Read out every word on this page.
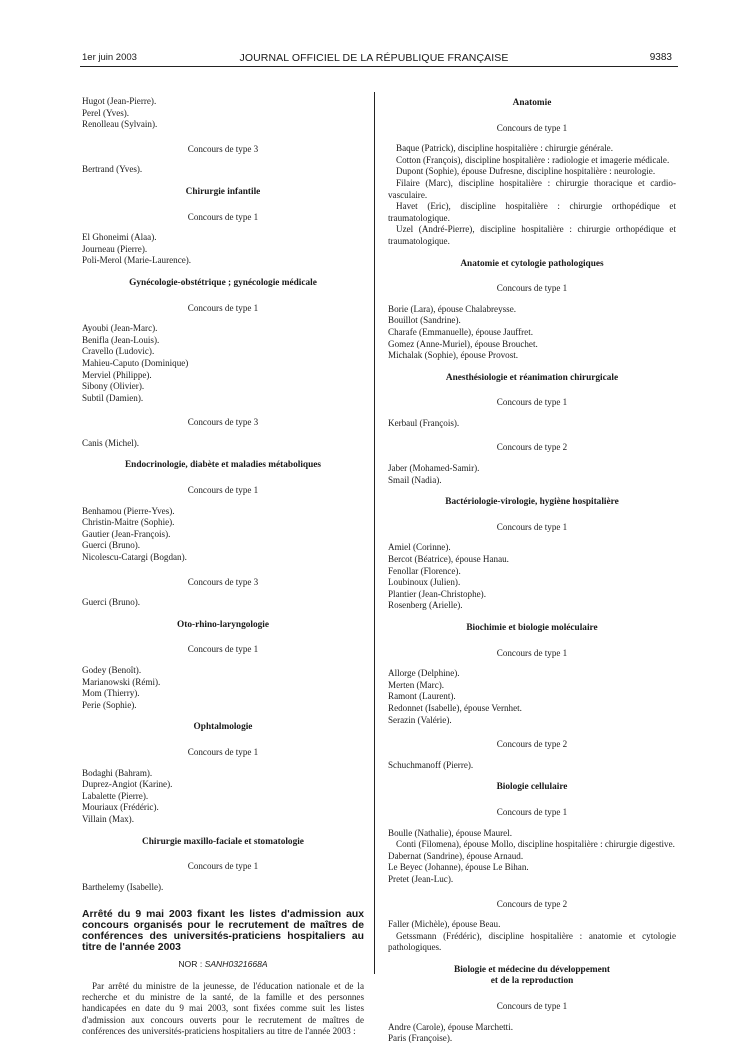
1er juin 2003	JOURNAL OFFICIEL DE LA RÉPUBLIQUE FRANÇAISE	9383
Hugot (Jean-Pierre).
Perel (Yves).
Renolleau (Sylvain).
Concours de type 3
Bertrand (Yves).
Chirurgie infantile
Concours de type 1
El Ghoneimi (Alaa).
Journeau (Pierre).
Poli-Merol (Marie-Laurence).
Gynécologie-obstétrique ; gynécologie médicale
Concours de type 1
Ayoubi (Jean-Marc).
Benifla (Jean-Louis).
Cravello (Ludovic).
Mahieu-Caputo (Dominique)
Merviel (Philippe).
Sibony (Olivier).
Subtil (Damien).
Concours de type 3
Canis (Michel).
Endocrinologie, diabète et maladies métaboliques
Concours de type 1
Benhamou (Pierre-Yves).
Christin-Maitre (Sophie).
Gautier (Jean-François).
Guerci (Bruno).
Nicolescu-Catargi (Bogdan).
Concours de type 3
Guerci (Bruno).
Oto-rhino-laryngologie
Concours de type 1
Godey (Benoît).
Marianowski (Rémi).
Mom (Thierry).
Perie (Sophie).
Ophtalmologie
Concours de type 1
Bodaghi (Bahram).
Duprez-Angiot (Karine).
Labalette (Pierre).
Mouriaux (Frédéric).
Villain (Max).
Chirurgie maxillo-faciale et stomatologie
Concours de type 1
Barthelemy (Isabelle).
Arrêté du 9 mai 2003 fixant les listes d'admission aux concours organisés pour le recrutement de maîtres de conférences des universités-praticiens hospitaliers au titre de l'année 2003
NOR : SANH0321668A
Par arrêté du ministre de la jeunesse, de l'éducation nationale et de la recherche et du ministre de la santé, de la famille et des personnes handicapées en date du 9 mai 2003, sont fixées comme suit les listes d'admission aux concours ouverts pour le recrutement de maîtres de conférences des universités-praticiens hospitaliers au titre de l'année 2003 :
Anatomie
Concours de type 1
Baque (Patrick), discipline hospitalière : chirurgie générale.
Cotton (François), discipline hospitalière : radiologie et imagerie médicale.
Dupont (Sophie), épouse Dufresne, discipline hospitalière : neurologie.
Filaire (Marc), discipline hospitalière : chirurgie thoracique et cardio-vasculaire.
Havet (Eric), discipline hospitalière : chirurgie orthopédique et traumatologique.
Uzel (André-Pierre), discipline hospitalière : chirurgie orthopédique et traumatologique.
Anatomie et cytologie pathologiques
Concours de type 1
Borie (Lara), épouse Chalabreysse.
Bouillot (Sandrine).
Charafe (Emmanuelle), épouse Jauffret.
Gomez (Anne-Muriel), épouse Brouchet.
Michalak (Sophie), épouse Provost.
Anesthésiologie et réanimation chirurgicale
Concours de type 1
Kerbaul (François).
Concours de type 2
Jaber (Mohamed-Samir).
Smail (Nadia).
Bactériologie-virologie, hygiène hospitalière
Concours de type 1
Amiel (Corinne).
Bercot (Béatrice), épouse Hanau.
Fenollar (Florence).
Loubinoux (Julien).
Plantier (Jean-Christophe).
Rosenberg (Arielle).
Biochimie et biologie moléculaire
Concours de type 1
Allorge (Delphine).
Merten (Marc).
Ramont (Laurent).
Redonnet (Isabelle), épouse Vernhet.
Serazin (Valérie).
Concours de type 2
Schuchmanoff (Pierre).
Biologie cellulaire
Concours de type 1
Boulle (Nathalie), épouse Maurel.
Conti (Filomena), épouse Mollo, discipline hospitalière : chirurgie digestive.
Dabernat (Sandrine), épouse Arnaud.
Le Beyec (Johanne), épouse Le Bihan.
Pretet (Jean-Luc).
Concours de type 2
Faller (Michèle), épouse Beau.
Getssmann (Frédéric), discipline hospitalière : anatomie et cytologie pathologiques.
Biologie et médecine du développement
et de la reproduction
Concours de type 1
Andre (Carole), épouse Marchetti.
Paris (Françoise).
